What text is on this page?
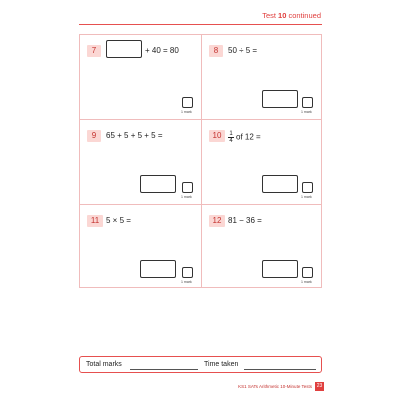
Test 10 continued
7	+ 40 = 80
1 mark
8	50 ÷ 5 =
1 mark
9	65 + 5 + 5 + 5 =
1 mark
10	$\frac{1}{4}$ of 12 =
1 mark
11 5 × 5 =
1 mark
12 81 − 36 =
1 mark
Total marks	Time taken
KS1 SATs Arithmetic 10-Minute Tests 23
